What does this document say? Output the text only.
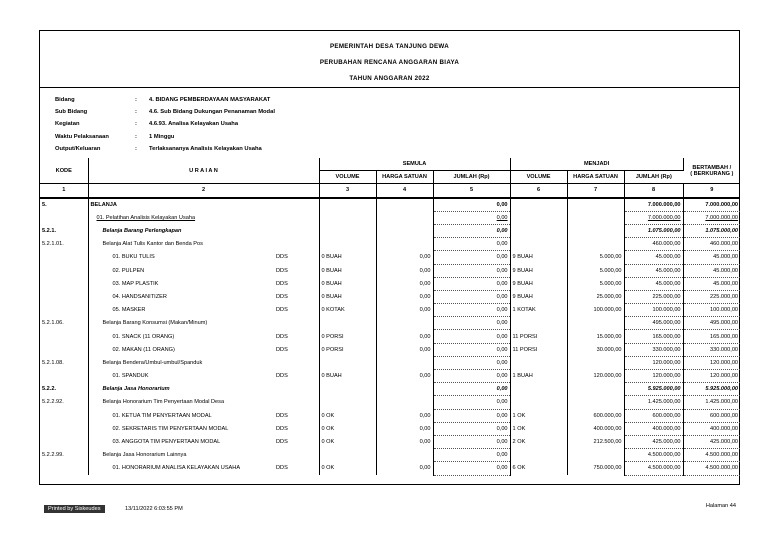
PEMERINTAH DESA TANJUNG DEWA
PERUBAHAN RENCANA ANGGARAN BIAYA
TAHUN ANGGARAN 2022
Bidang	: 4. BIDANG PEMBERDAYAAN MASYARAKAT
Sub Bidang	: 4.6. Sub Bidang Dukungan Penanaman Modal
Kegiatan	: 4.6.93. Analisa Kelayakan Usaha
Waktu Pelaksanaan	: 1 Minggu
Output/Keluaran	: Terlaksananya Analisis Kelayakan Usaha
KODE	U R A I A N		SEMULA			MENJADI			BERTAMBAH /
( BERKURANG )
			VOLUME	HARGA SATUAN	JUMLAH (Rp)	VOLUME	HARGA SATUAN	JUMLAH (Rp)	
1	2		3	4	5	6	7	8	9
5.	BELANJA				0,00			7.000.000,00	7.000.000,00
	01. Pelatihan Analisis Kelayakan Usaha				0,00			7.000.000,00	7.000.000,00
5.2.1.	Belanja Barang Perlengkapan				0,00			1.075.000,00	1.075.000,00
5.2.1.01.	Belanja Alat Tulis Kantor dan Benda Pos				0,00			460.000,00	460.000,00
	01. BUKU TULIS	DDS	0 BUAH	0,00	0,00	9 BUAH	5.000,00	45.000,00	45.000,00
	02. PULPEN	DDS	0 BUAH	0,00	0,00	9 BUAH	5.000,00	45.000,00	45.000,00
	03. MAP PLASTIK	DDS	0 BUAH	0,00	0,00	9 BUAH	5.000,00	45.000,00	45.000,00
	04. HANDSANITIZER	DDS	0 BUAH	0,00	0,00	9 BUAH	25.000,00	225.000,00	225.000,00
	05. MASKER	DDS	0 KOTAK	0,00	0,00	1 KOTAK	100.000,00	100.000,00	100.000,00
5.2.1.06.	Belanja Barang Konsumsi (Makan/Minum)				0,00			495.000,00	495.000,00
	01. SNACK (11 ORANG)	DDS	0 PORSI	0,00	0,00	11 PORSI	15.000,00	165.000,00	165.000,00
	02. MAKAN (11 ORANG)	DDS	0 PORSI	0,00	0,00	11 PORSI	30.000,00	330.000,00	330.000,00
5.2.1.08.	Belanja Bendera/Umbul-umbul/Spanduk				0,00			120.000,00	120.000,00
	01. SPANDUK	DDS	0 BUAH	0,00	0,00	1 BUAH	120.000,00	120.000,00	120.000,00
5.2.2.	Belanja Jasa Honorarium				0,00			5.925.000,00	5.925.000,00
5.2.2.92.	Belanja Honorarium Tim Penyertaan Modal Desa				0,00			1.425.000,00	1.425.000,00
	01. KETUA TIM PENYERTAAN MODAL	DDS	0 OK	0,00	0,00	1 OK	600.000,00	600.000,00	600.000,00
	02. SEKRETARIS TIM PENYERTAAN MODAL	DDS	0 OK	0,00	0,00	1 OK	400.000,00	400.000,00	400.000,00
	03. ANGGOTA TIM PENYERTAAN MODAL	DDS	0 OK	0,00	0,00	2 OK	212.500,00	425.000,00	425.000,00
5.2.2.99.	Belanja Jasa Honorarium Lainnya				0,00			4.500.000,00	4.500.000,00
	01. HONORARIUM ANALISA KELAYAKAN USAHA	DDS	0 OK	0,00	0,00	6 OK	750.000,00	4.500.000,00	4.500.000,00
Printed by Siskeudes	13/11/2022 6:03:55 PM	Halaman 44
